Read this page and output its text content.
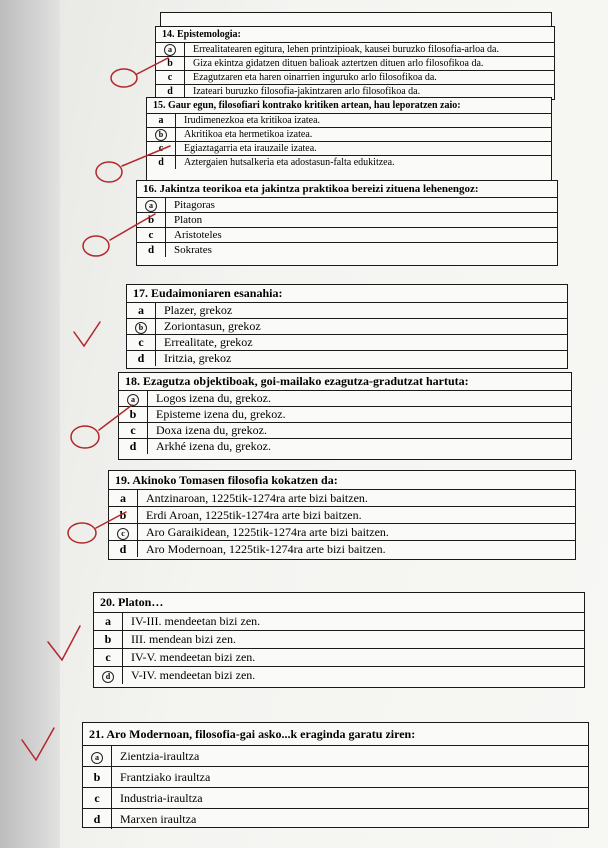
14. Epistemologia:
a	Errealitatearen egitura, lehen printzipioak, kausei buruzko filosofia-arloa da.
b	Giza ekintza gidatzen dituen balioak aztertzen dituen arlo filosofikoa da.
c	Ezagutzaren eta haren oinarrien inguruko arlo filosofikoa da.
d	Izateari buruzko filosofia-jakintzaren arlo filosofikoa da.
15. Gaur egun, filosofiari kontrako kritiken artean, hau leporatzen zaio:
a	Irudimenezkoa eta kritikoa izatea.
b	Akritikoa eta hermetikoa izatea.
c	Egiaztagarria eta irauzaile izatea.
d	Aztergaien hutsalkeria eta adostasun-falta edukitzea.
16. Jakintza teorikoa eta jakintza praktikoa bereizi zituena lehenengoz:
a	Pitagoras
b	Platon
c	Aristoteles
d	Sokrates
17. Eudaimoniaren esanahia:
a	Plazer, grekoz
b	Zoriontasun, grekoz
c	Errealitate, grekoz
d	Iritzia, grekoz
18. Ezagutza objektiboak, goi-mailako ezagutza-gradutzat hartuta:
a	Logos izena du, grekoz.
b	Episteme izena du, grekoz.
c	Doxa izena du, grekoz.
d	Arkhé izena du, grekoz.
19. Akinoko Tomasen filosofia kokatzen da:
a	Antzinaroan, 1225tik-1274ra arte bizi baitzen.
b	Erdi Aroan, 1225tik-1274ra arte bizi baitzen.
c	Aro Garaikidean, 1225tik-1274ra arte bizi baitzen.
d	Aro Modernoan, 1225tik-1274ra arte bizi baitzen.
20. Platon…
a	IV-III. mendeetan bizi zen.
b	III. mendean bizi zen.
c	IV-V. mendeetan bizi zen.
d	V-IV. mendeetan bizi zen.
21. Aro Modernoan, filosofia-gai asko...k eraginda garatu ziren:
a	Zientzia-iraultza
b	Frantziako iraultza
c	Industria-iraultza
d	Marxen iraultza
